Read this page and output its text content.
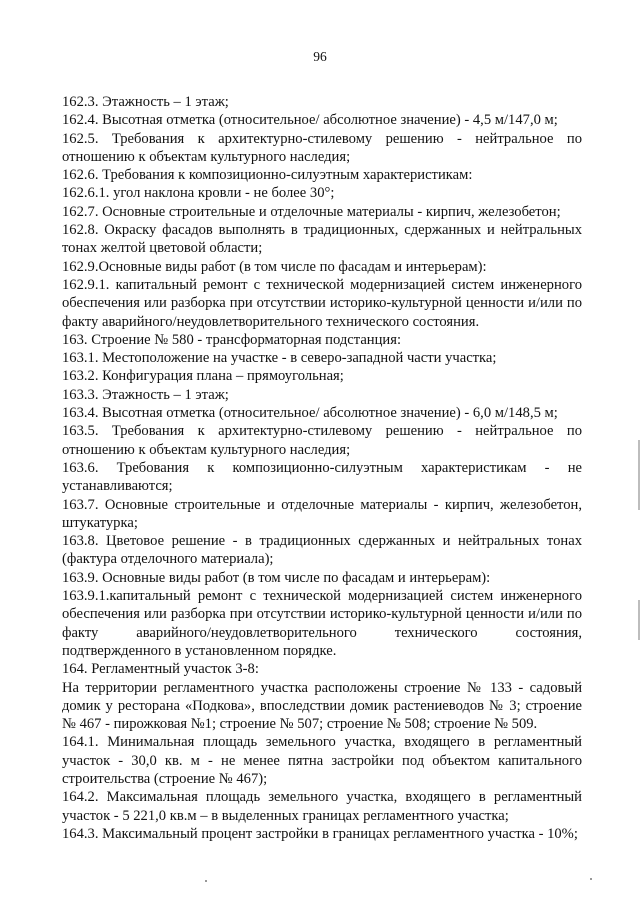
96

162.3. Этажность – 1 этаж;

162.4. Высотная отметка (относительное/ абсолютное значение) - 4,5 м/147,0 м;

162.5. Требования к архитектурно-стилевому решению - нейтральное по отношению к объектам культурного наследия;

162.6. Требования к композиционно-силуэтным характеристикам:

162.6.1. угол наклона кровли - не более 30°;

162.7. Основные строительные и отделочные материалы - кирпич, железобетон;

162.8. Окраску фасадов выполнять в традиционных, сдержанных и нейтральных тонах желтой цветовой области;

162.9.Основные виды работ (в том числе по фасадам и интерьерам):

162.9.1. капитальный ремонт с технической модернизацией систем инженерного обеспечения или разборка при отсутствии историко-культурной ценности и/или по факту аварийного/неудовлетворительного технического состояния.

163. Строение № 580 - трансформаторная подстанция:

163.1. Местоположение на участке - в северо-западной части участка;

163.2. Конфигурация плана – прямоугольная;

163.3. Этажность – 1 этаж;

163.4. Высотная отметка (относительное/ абсолютное значение) - 6,0 м/148,5 м;

163.5. Требования к архитектурно-стилевому решению - нейтральное по отношению к объектам культурного наследия;

163.6. Требования к композиционно-силуэтным характеристикам - не устанавливаются;

163.7. Основные строительные и отделочные материалы - кирпич, железобетон, штукатурка;

163.8. Цветовое решение - в традиционных сдержанных и нейтральных тонах (фактура отделочного материала);

163.9. Основные виды работ (в том числе по фасадам и интерьерам):

163.9.1.капитальный ремонт с технической модернизацией систем инженерного обеспечения или разборка при отсутствии историко-культурной ценности и/или по факту аварийного/неудовлетворительного технического состояния, подтвержденного в установленном порядке.

164. Регламентный участок 3-8:

На территории регламентного участка расположены строение № 133 - садовый домик у ресторана «Подкова», впоследствии домик растениеводов № 3; строение № 467 - пирожковая №1; строение № 507; строение № 508; строение № 509.

164.1. Минимальная площадь земельного участка, входящего в регламентный участок - 30,0 кв. м - не менее пятна застройки под объектом капитального строительства (строение № 467);

164.2. Максимальная площадь земельного участка, входящего в регламентный участок - 5 221,0 кв.м – в выделенных границах регламентного участка;

164.3. Максимальный процент застройки в границах регламентного участка - 10%;
